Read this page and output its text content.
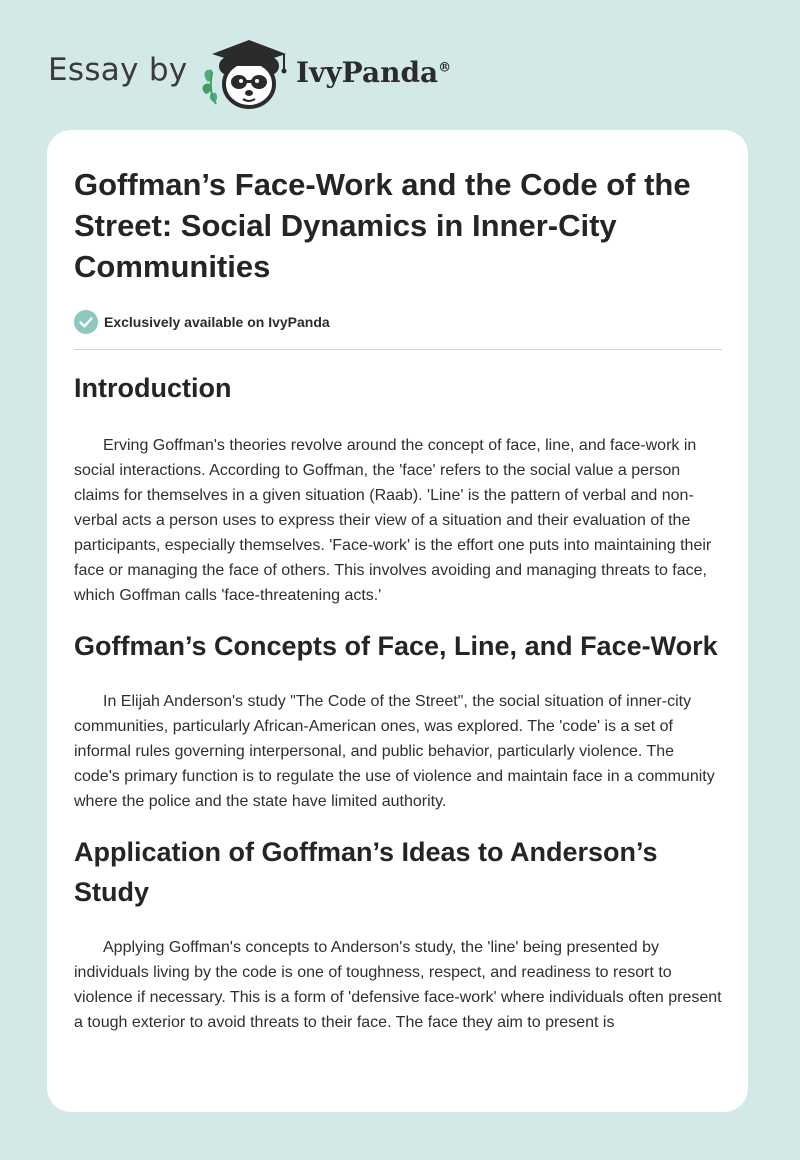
Essay by	IvyPanda®
Goffman’s Face-Work and the Code of the Street: Social Dynamics in Inner-City Communities
Exclusively available on IvyPanda
Introduction

Erving Goffman's theories revolve around the concept of face, line, and face-work in social interactions. According to Goffman, the 'face' refers to the social value a person claims for themselves in a given situation (Raab). 'Line' is the pattern of verbal and non-verbal acts a person uses to express their view of a situation and their evaluation of the participants, especially themselves. 'Face-work' is the effort one puts into maintaining their face or managing the face of others. This involves avoiding and managing threats to face, which Goffman calls 'face-threatening acts.'

Goffman’s Concepts of Face, Line, and Face-Work

In Elijah Anderson's study "The Code of the Street", the social situation of inner-city communities, particularly African-American ones, was explored. The 'code' is a set of informal rules governing interpersonal, and public behavior, particularly violence. The code's primary function is to regulate the use of violence and maintain face in a community where the police and the state have limited authority.

Application of Goffman’s Ideas to Anderson’s Study

Applying Goffman's concepts to Anderson's study, the 'line' being presented by individuals living by the code is one of toughness, respect, and readiness to resort to violence if necessary. This is a form of 'defensive face-work' where individuals often present a tough exterior to avoid threats to their face. The face they aim to present is
